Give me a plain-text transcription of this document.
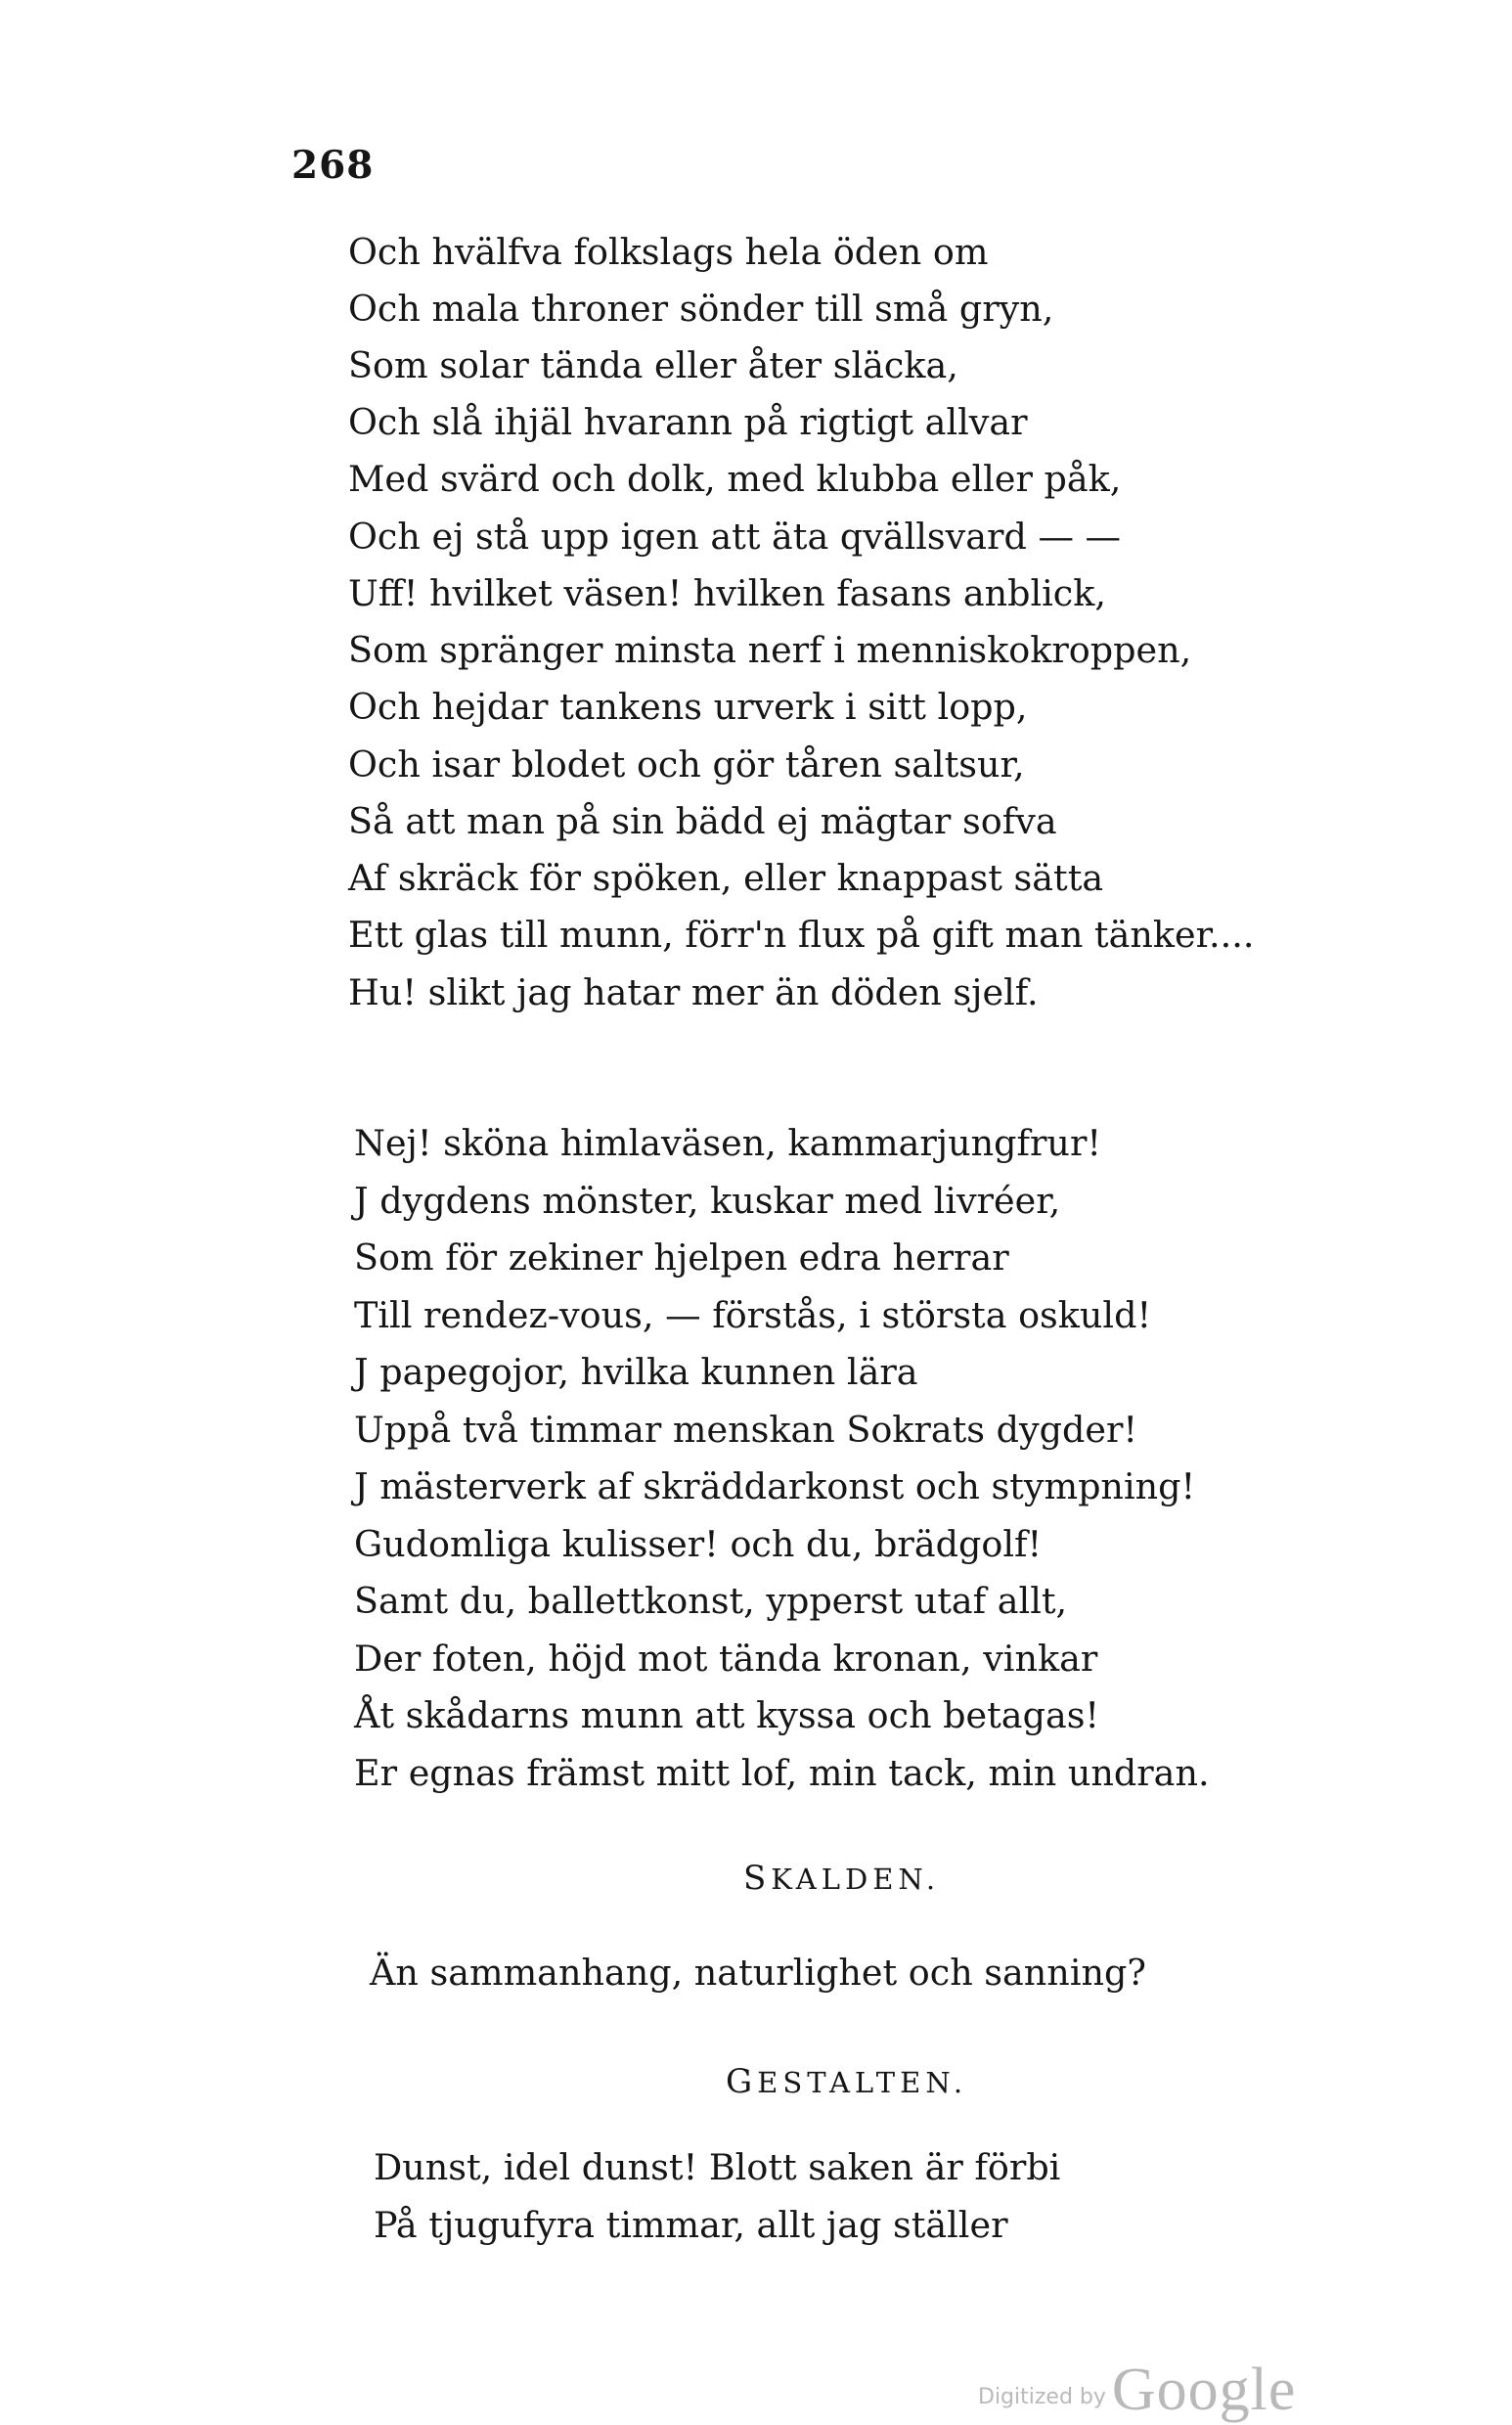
268
Och hvälfva folkslags hela öden om
Och mala throner sönder till små gryn,
Som solar tända eller åter släcka,
Och slå ihjäl hvarann på rigtigt allvar
Med svärd och dolk, med klubba eller påk,
Och ej stå upp igen att äta qvällsvard — —
Uff! hvilket väsen! hvilken fasans anblick,
Som spränger minsta nerf i menniskokroppen,
Och hejdar tankens urverk i sitt lopp,
Och isar blodet och gör tåren saltsur,
Så att man på sin bädd ej mägtar sofva
Af skräck för spöken, eller knappast sätta
Ett glas till munn, förr'n flux på gift man tänker....
Hu! slikt jag hatar mer än döden sjelf.
Nej! sköna himlaväsen, kammarjungfrur!
J dygdens mönster, kuskar med livréer,
Som för zekiner hjelpen edra herrar
Till rendez-vous, — förstås, i största oskuld!
J papegojor, hvilka kunnen lära
Uppå två timmar menskan Sokrats dygder!
J mästerverk af skräddarkonst och stympning!
Gudomliga kulisser! och du, brädgolf!
Samt du, ballettkonst, ypperst utaf allt,
Der foten, höjd mot tända kronan, vinkar
Åt skådarns munn att kyssa och betagas!
Er egnas främst mitt lof, min tack, min undran.
SKALDEN.
Än sammanhang, naturlighet och sanning?
GESTALTEN.
Dunst, idel dunst! Blott saken är förbi
På tjugufyra timmar, allt jag ställer
Digitized byGoogle
